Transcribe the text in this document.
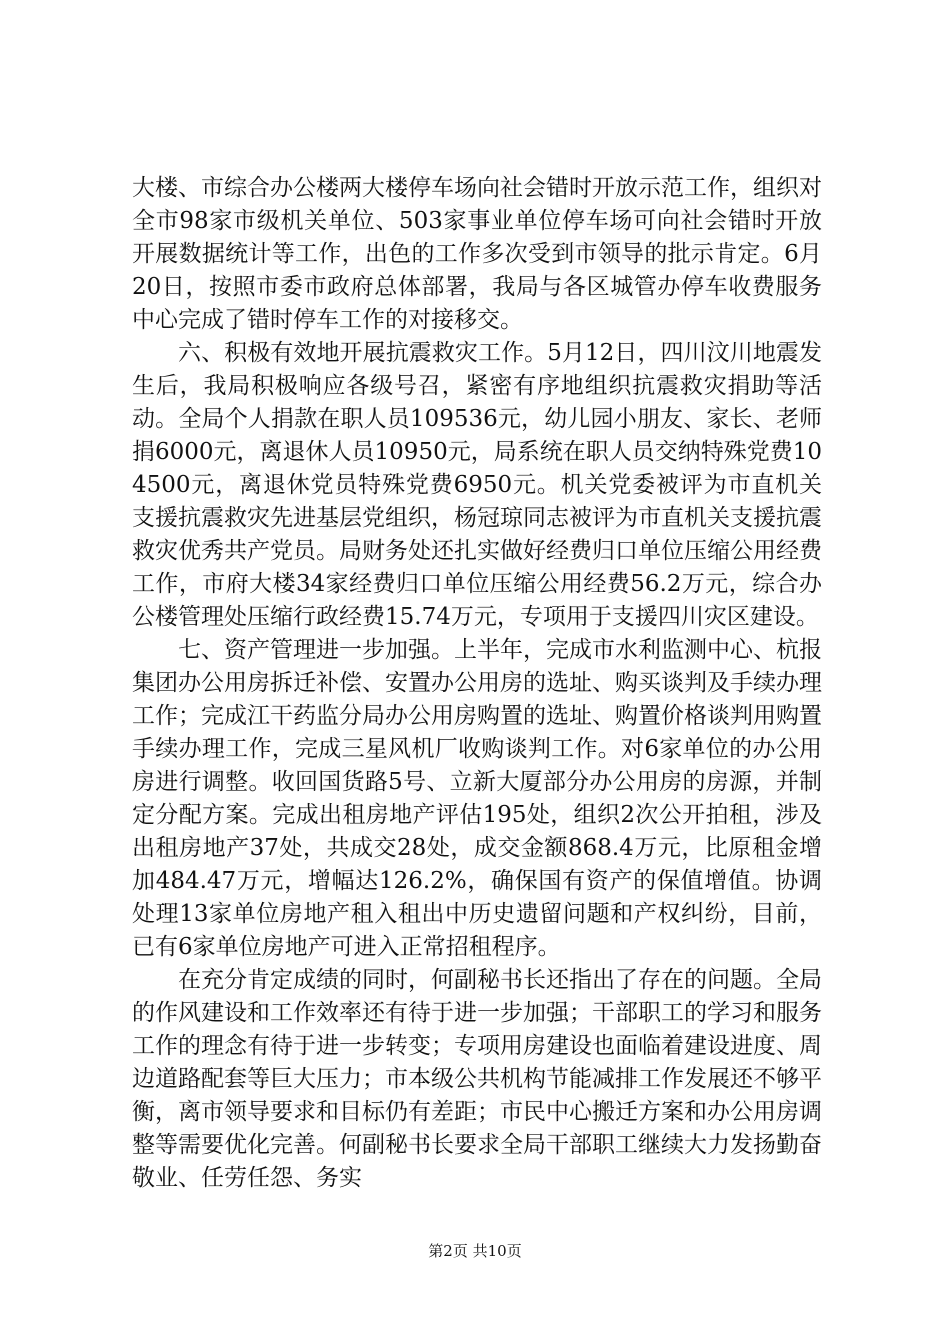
大楼、市综合办公楼两大楼停车场向社会错时开放示范工作，组织对全市98家市级机关单位、503家事业单位停车场可向社会错时开放开展数据统计等工作，出色的工作多次受到市领导的批示肯定。6月20日，按照市委市政府总体部署，我局与各区城管办停车收费服务中心完成了错时停车工作的对接移交。

六、积极有效地开展抗震救灾工作。5月12日，四川汶川地震发生后，我局积极响应各级号召，紧密有序地组织抗震救灾捐助等活动。全局个人捐款在职人员109536元，幼儿园小朋友、家长、老师捐6000元，离退休人员10950元，局系统在职人员交纳特殊党费104500元，离退休党员特殊党费6950元。机关党委被评为市直机关支援抗震救灾先进基层党组织，杨冠琼同志被评为市直机关支援抗震救灾优秀共产党员。局财务处还扎实做好经费归口单位压缩公用经费工作，市府大楼34家经费归口单位压缩公用经费56.2万元，综合办公楼管理处压缩行政经费15.74万元，专项用于支援四川灾区建设。

七、资产管理进一步加强。上半年，完成市水利监测中心、杭报集团办公用房拆迁补偿、安置办公用房的选址、购买谈判及手续办理工作；完成江干药监分局办公用房购置的选址、购置价格谈判用购置手续办理工作，完成三星风机厂收购谈判工作。对6家单位的办公用房进行调整。收回国货路5号、立新大厦部分办公用房的房源，并制定分配方案。完成出租房地产评估195处，组织2次公开拍租，涉及出租房地产37处，共成交28处，成交金额868.4万元，比原租金增加484.47万元，增幅达126.2%，确保国有资产的保值增值。协调处理13家单位房地产租入租出中历史遗留问题和产权纠纷，目前，已有6家单位房地产可进入正常招租程序。

在充分肯定成绩的同时，何副秘书长还指出了存在的问题。全局的作风建设和工作效率还有待于进一步加强；干部职工的学习和服务工作的理念有待于进一步转变；专项用房建设也面临着建设进度、周边道路配套等巨大压力；市本级公共机构节能减排工作发展还不够平衡，离市领导要求和目标仍有差距；市民中心搬迁方案和办公用房调整等需要优化完善。何副秘书长要求全局干部职工继续大力发扬勤奋敬业、任劳任怨、务实

第2页 共10页
